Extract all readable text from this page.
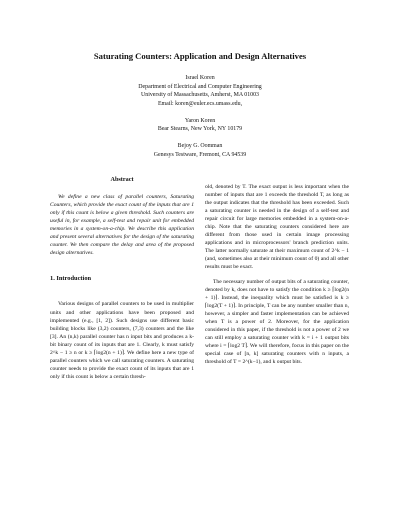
Saturating Counters: Application and Design Alternatives
Israel Koren
Department of Electrical and Computer Engineering
University of Massachusetts, Amherst, MA 01003
Email: koren@euler.ecs.umass.edu,
Yaron Koren
Bear Stearns, New York, NY 10179
Bejoy G. Oomman
Genesys Testware, Fremont, CA 94539
Abstract

We define a new class of parallel counters, Saturating Counters, which provide the exact count of the inputs that are 1 only if this count is below a given threshold. Such counters are useful in, for example, a self-test and repair unit for embedded memories in a system-on-a-chip. We describe this application and present several alternatives for the design of the saturating counter. We then compare the delay and area of the proposed design alternatives.

1. Introduction

Various designs of parallel counters to be used in multiplier units and other applications have been proposed and implemented (e.g., [1, 2]). Such designs use different basic building blocks like (3,2) counters, (7,3) counters and the like [3]. An (n,k) parallel counter has n input bits and produces a k-bit binary count of its inputs that are 1. Clearly, k must satisfy 2^k − 1 ≥ n or k ≥ ⌈log2(n + 1)⌉. We define here a new type of parallel counters which we call saturating counters. A saturating counter needs to provide the exact count of its inputs that are 1 only if this count is below a certain thresh-

old, denoted by T. The exact output is less important when the number of inputs that are 1 exceeds the threshold T, as long as the output indicates that the threshold has been exceeded. Such a saturating counter is needed in the design of a self-test and repair circuit for large memories embedded in a system-on-a-chip. Note that the saturating counters considered here are different from those used in certain image processing applications and in microprocessors' branch prediction units. The latter normally saturate at their maximum count of 2^k − 1 (and, sometimes also at their minimum count of 0) and all other results must be exact.

The necessary number of output bits of a saturating counter, denoted by k, does not have to satisfy the condition k ≥ ⌈log2(n + 1)⌉. Instead, the inequality which must be satisfied is k ≥ ⌈log2(T + 1)⌉. In principle, T can be any number smaller than n, however, a simpler and faster implementation can be achieved when T is a power of 2. Moreover, for the application considered in this paper, if the threshold is not a power of 2 we can still employ a saturating counter with k = i + 1 output bits where i = ⌈log2 T⌉. We will therefore, focus in this paper on the special case of [n, k] saturating counters with n inputs, a threshold of T = 2^(k−1), and k output bits.
